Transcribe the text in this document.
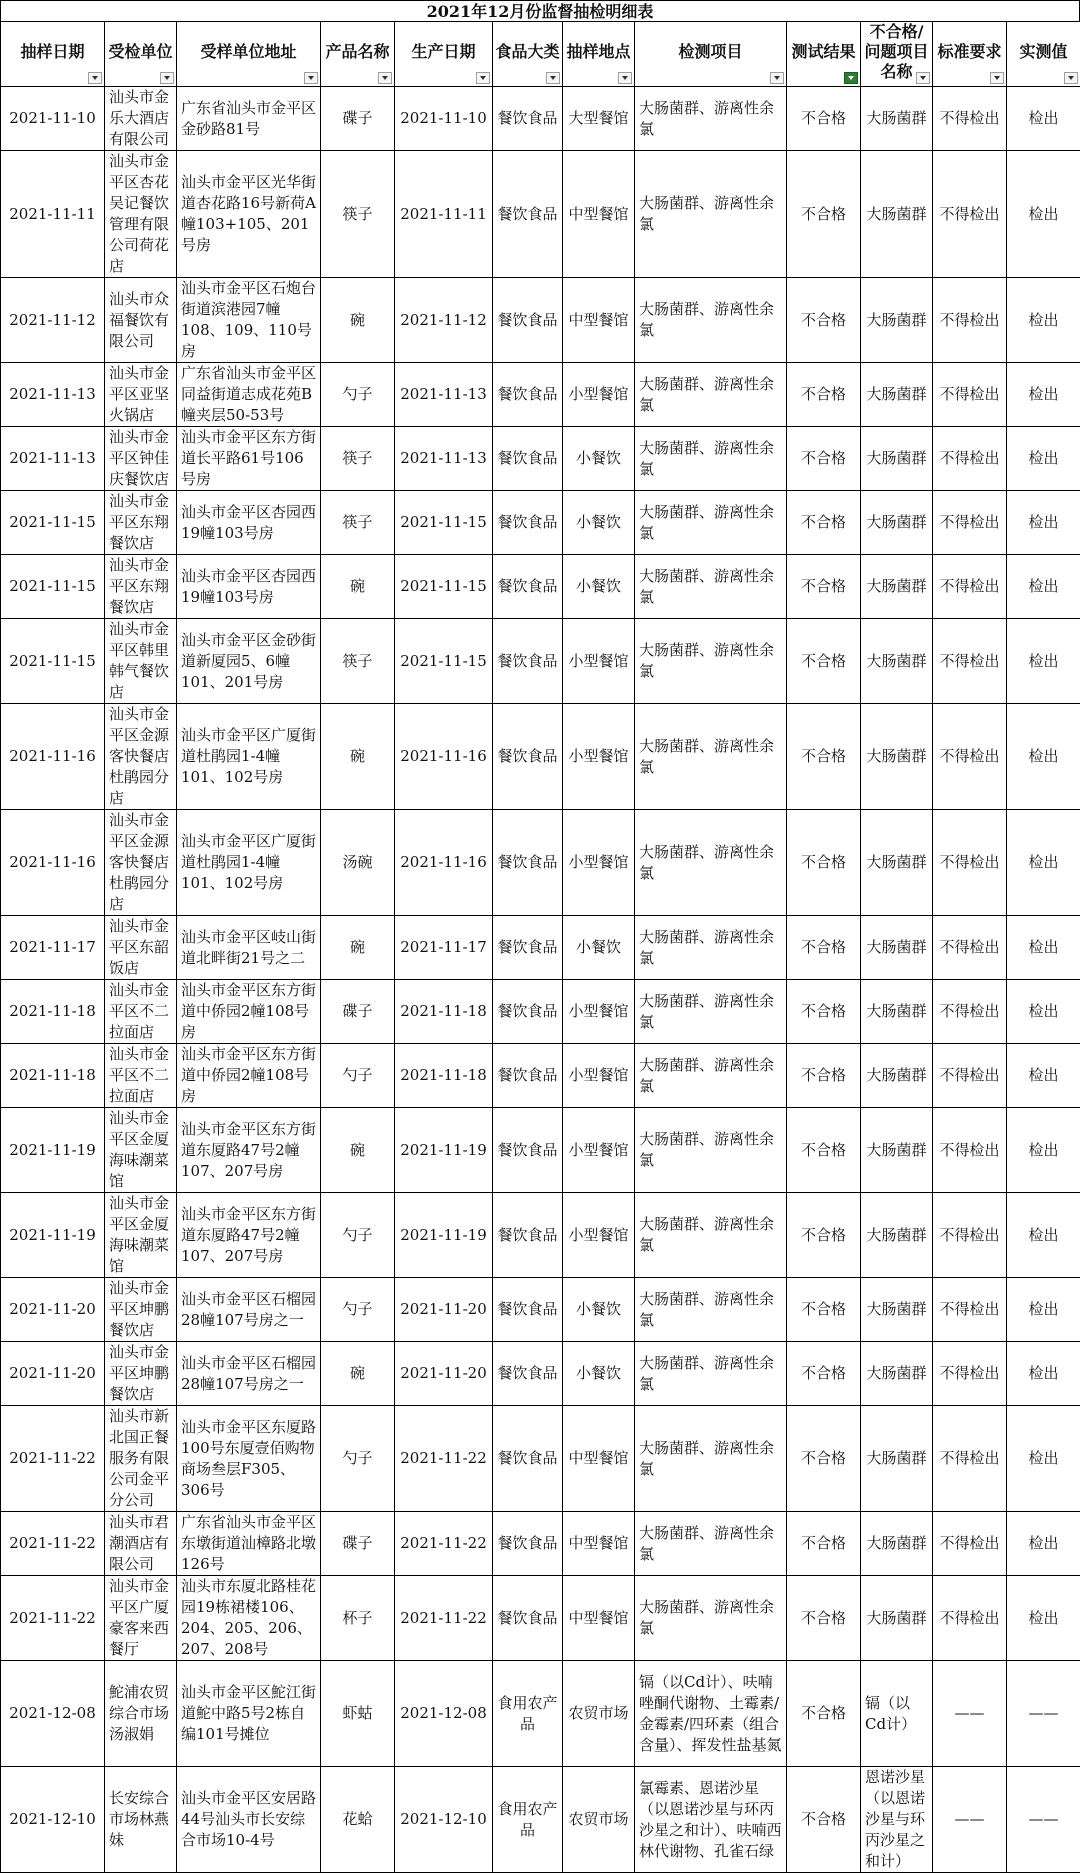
2021年12月份监督抽检明细表
抽样日期	受检单位	受样单位地址	产品名称	生产日期	食品大类	抽样地点	检测项目	测试结果	不合格/问题项目名称	标准要求	实测值

2021-11-10	汕头市金乐大酒店有限公司	广东省汕头市金平区金砂路81号	碟子	2021-11-10	餐饮食品	大型餐馆	大肠菌群、游离性余氯	不合格	大肠菌群	不得检出	检出
2021-11-11	汕头市金平区杏花吴记餐饮管理有限公司荷花店	汕头市金平区光华街道杏花路16号新荷A幢103+105、201号房	筷子	2021-11-11	餐饮食品	中型餐馆	大肠菌群、游离性余氯	不合格	大肠菌群	不得检出	检出
2021-11-12	汕头市众福餐饮有限公司	汕头市金平区石炮台街道滨港园7幢108、109、110号房	碗	2021-11-12	餐饮食品	中型餐馆	大肠菌群、游离性余氯	不合格	大肠菌群	不得检出	检出
2021-11-13	汕头市金平区亚坚火锅店	广东省汕头市金平区同益街道志成花苑B幢夹层50-53号	勺子	2021-11-13	餐饮食品	小型餐馆	大肠菌群、游离性余氯	不合格	大肠菌群	不得检出	检出
2021-11-13	汕头市金平区钟佳庆餐饮店	汕头市金平区东方街道长平路61号106号房	筷子	2021-11-13	餐饮食品	小餐饮	大肠菌群、游离性余氯	不合格	大肠菌群	不得检出	检出
2021-11-15	汕头市金平区东翔餐饮店	汕头市金平区杏园西19幢103号房	筷子	2021-11-15	餐饮食品	小餐饮	大肠菌群、游离性余氯	不合格	大肠菌群	不得检出	检出
2021-11-15	汕头市金平区东翔餐饮店	汕头市金平区杏园西19幢103号房	碗	2021-11-15	餐饮食品	小餐饮	大肠菌群、游离性余氯	不合格	大肠菌群	不得检出	检出
2021-11-15	汕头市金平区韩里韩气餐饮店	汕头市金平区金砂街道新厦园5、6幢101、201号房	筷子	2021-11-15	餐饮食品	小型餐馆	大肠菌群、游离性余氯	不合格	大肠菌群	不得检出	检出
2021-11-16	汕头市金平区金源客快餐店杜鹃园分店	汕头市金平区广厦街道杜鹃园1-4幢101、102号房	碗	2021-11-16	餐饮食品	小型餐馆	大肠菌群、游离性余氯	不合格	大肠菌群	不得检出	检出
2021-11-16	汕头市金平区金源客快餐店杜鹃园分店	汕头市金平区广厦街道杜鹃园1-4幢101、102号房	汤碗	2021-11-16	餐饮食品	小型餐馆	大肠菌群、游离性余氯	不合格	大肠菌群	不得检出	检出
2021-11-17	汕头市金平区东韶饭店	汕头市金平区岐山街道北畔街21号之二	碗	2021-11-17	餐饮食品	小餐饮	大肠菌群、游离性余氯	不合格	大肠菌群	不得检出	检出
2021-11-18	汕头市金平区不二拉面店	汕头市金平区东方街道中侨园2幢108号房	碟子	2021-11-18	餐饮食品	小型餐馆	大肠菌群、游离性余氯	不合格	大肠菌群	不得检出	检出
2021-11-18	汕头市金平区不二拉面店	汕头市金平区东方街道中侨园2幢108号房	勺子	2021-11-18	餐饮食品	小型餐馆	大肠菌群、游离性余氯	不合格	大肠菌群	不得检出	检出
2021-11-19	汕头市金平区金厦海味潮菜馆	汕头市金平区东方街道东厦路47号2幢107、207号房	碗	2021-11-19	餐饮食品	小型餐馆	大肠菌群、游离性余氯	不合格	大肠菌群	不得检出	检出
2021-11-19	汕头市金平区金厦海味潮菜馆	汕头市金平区东方街道东厦路47号2幢107、207号房	勺子	2021-11-19	餐饮食品	小型餐馆	大肠菌群、游离性余氯	不合格	大肠菌群	不得检出	检出
2021-11-20	汕头市金平区坤鹏餐饮店	汕头市金平区石榴园28幢107号房之一	勺子	2021-11-20	餐饮食品	小餐饮	大肠菌群、游离性余氯	不合格	大肠菌群	不得检出	检出
2021-11-20	汕头市金平区坤鹏餐饮店	汕头市金平区石榴园28幢107号房之一	碗	2021-11-20	餐饮食品	小餐饮	大肠菌群、游离性余氯	不合格	大肠菌群	不得检出	检出
2021-11-22	汕头市新北国正餐服务有限公司金平分公司	汕头市金平区东厦路100号东厦壹佰购物商场叁层F305、306号	勺子	2021-11-22	餐饮食品	中型餐馆	大肠菌群、游离性余氯	不合格	大肠菌群	不得检出	检出
2021-11-22	汕头市君潮酒店有限公司	广东省汕头市金平区东墩街道汕樟路北墩126号	碟子	2021-11-22	餐饮食品	中型餐馆	大肠菌群、游离性余氯	不合格	大肠菌群	不得检出	检出
2021-11-22	汕头市金平区广厦豪客来西餐厅	汕头市东厦北路桂花园19栋裙楼106、204、205、206、207、208号	杯子	2021-11-22	餐饮食品	中型餐馆	大肠菌群、游离性余氯	不合格	大肠菌群	不得检出	检出
2021-12-08	鮀浦农贸综合市场汤淑娟	汕头市金平区鮀江街道鮀中路5号2栋自编101号摊位	虾蛄	2021-12-08	食用农产品	农贸市场	镉（以Cd计）、呋喃唑酮代谢物、土霉素/金霉素/四环素（组合含量）、挥发性盐基氮	不合格	镉（以Cd计）	——	——
2021-12-10	长安综合市场林燕妹	汕头市金平区安居路44号汕头市长安综合市场10-4号	花蛤	2021-12-10	食用农产品	农贸市场	氯霉素、恩诺沙星（以恩诺沙星与环丙沙星之和计）、呋喃西林代谢物、孔雀石绿	不合格	恩诺沙星（以恩诺沙星与环丙沙星之和计）	——	——
